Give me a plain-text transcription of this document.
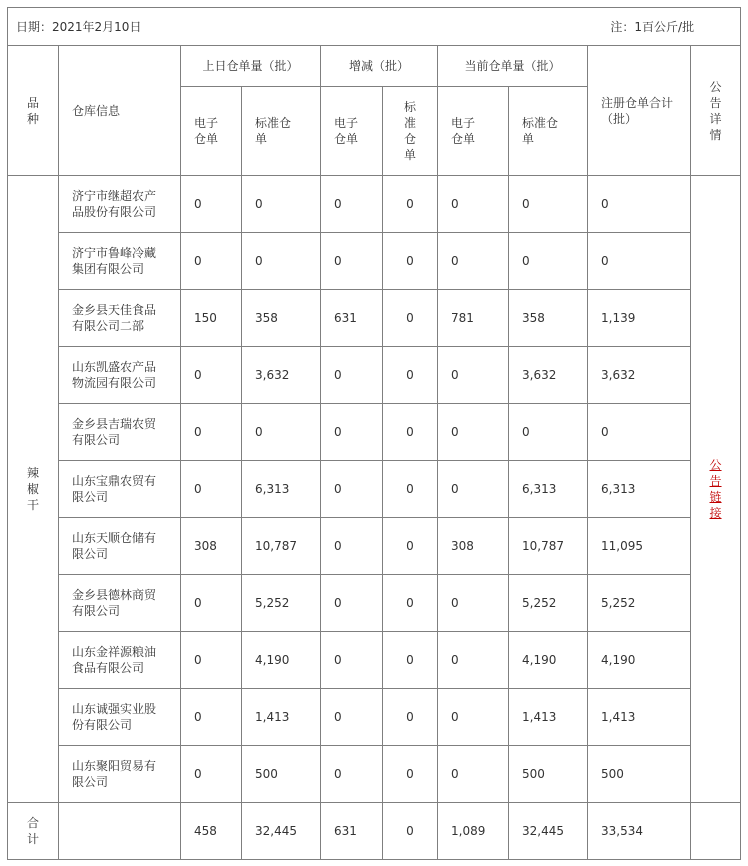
日期：2021年2月10日 注：1百公斤/批									

品种	仓库信息	上日仓单量（批）		增减（批）		当前仓单量（批）		注册仓单合计（批）	公告详情
		电子仓单	标准仓单	电子仓单	标准仓单	电子仓单	标准仓单		
辣椒干	济宁市继超农产品股份有限公司	0	0	0	0	0	0	0	公告链接
	济宁市鲁峰冷藏集团有限公司	0	0	0	0	0	0	0	
	金乡县天佳食品有限公司二部	150	358	631	0	781	358	1,139	
	山东凯盛农产品物流园有限公司	0	3,632	0	0	0	3,632	3,632	
	金乡县吉瑞农贸有限公司	0	0	0	0	0	0	0	
	山东宝鼎农贸有限公司	0	6,313	0	0	0	6,313	6,313	
	山东天顺仓储有限公司	308	10,787	0	0	308	10,787	11,095	
	金乡县德林商贸有限公司	0	5,252	0	0	0	5,252	5,252	
	山东金祥源粮油食品有限公司	0	4,190	0	0	0	4,190	4,190	
	山东诚强实业股份有限公司	0	1,413	0	0	0	1,413	1,413	
	山东聚阳贸易有限公司	0	500	0	0	0	500	500	
合计		458	32,445	631	0	1,089	32,445	33,534	
